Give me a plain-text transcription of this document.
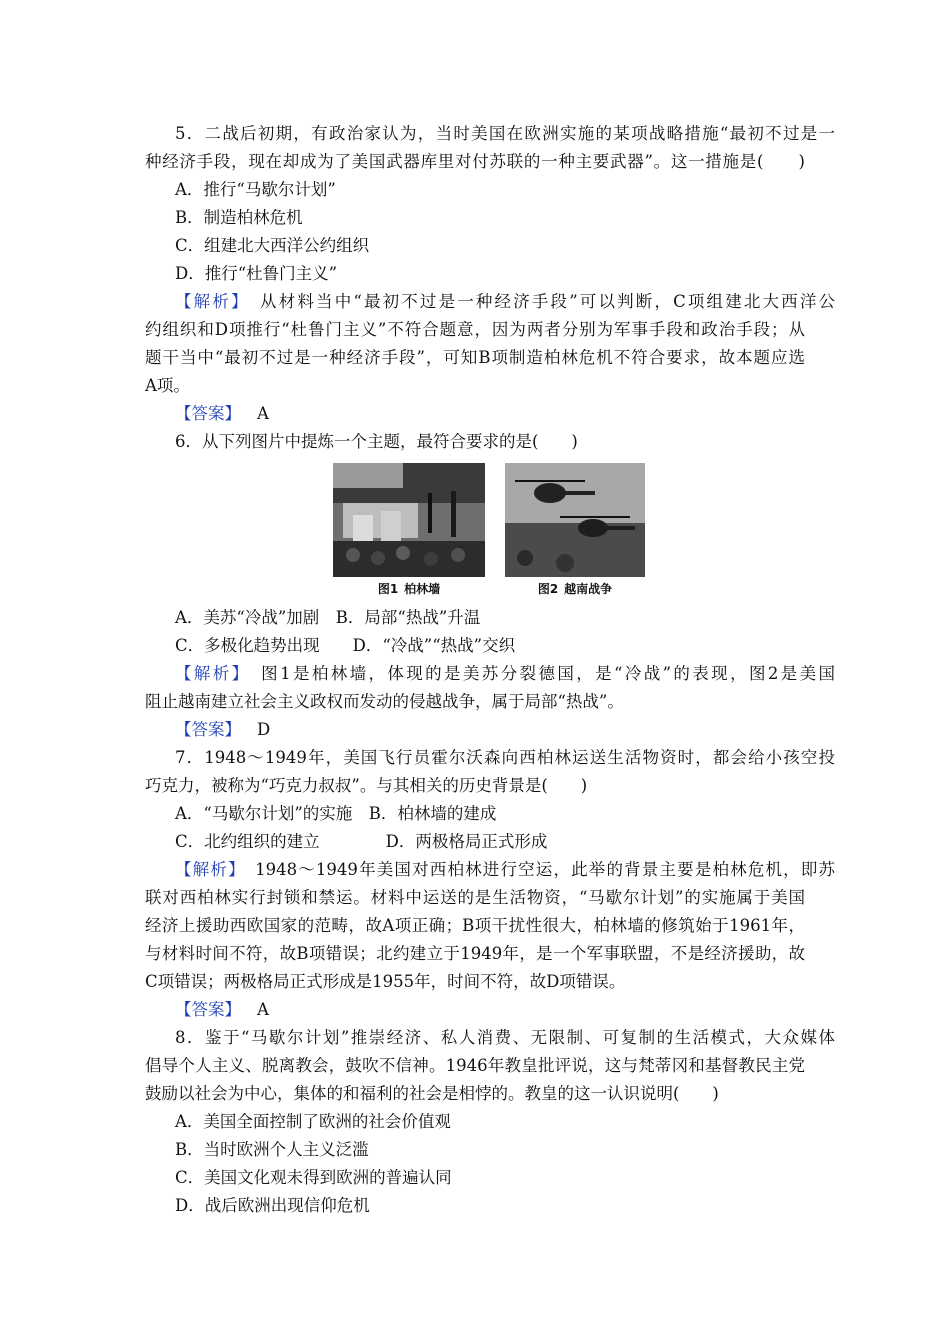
5．二战后初期，有政治家认为，当时美国在欧洲实施的某项战略措施“最初不过是一
种经济手段，现在却成为了美国武器库里对付苏联的一种主要武器”。这一措施是(　　)
A．推行“马歇尔计划”
B．制造柏林危机
C．组建北大西洋公约组织
D．推行“杜鲁门主义”
【解析】　从材料当中“最初不过是一种经济手段”可以判断，C项组建北大西洋公
约组织和D项推行“杜鲁门主义”不符合题意，因为两者分别为军事手段和政治手段；从
题干当中“最初不过是一种经济手段”，可知B项制造柏林危机不符合要求，故本题应选
A项。
【答案】 A
6．从下列图片中提炼一个主题，最符合要求的是(　　)
图1 柏林墙	图2 越南战争
A．美苏“冷战”加剧　B．局部“热战”升温
C．多极化趋势出现　　D．“冷战”“热战”交织
【解析】　图1是柏林墙，体现的是美苏分裂德国，是“冷战”的表现，图2是美国
阻止越南建立社会主义政权而发动的侵越战争，属于局部“热战”。
【答案】 D
7．1948～1949年，美国飞行员霍尔沃森向西柏林运送生活物资时，都会给小孩空投
巧克力，被称为“巧克力叔叔”。与其相关的历史背景是(　　)
A．“马歇尔计划”的实施　B．柏林墙的建成
C．北约组织的建立　　　　D．两极格局正式形成
【解析】　1948～1949年美国对西柏林进行空运，此举的背景主要是柏林危机，即苏
联对西柏林实行封锁和禁运。材料中运送的是生活物资，“马歇尔计划”的实施属于美国
经济上援助西欧国家的范畴，故A项正确；B项干扰性很大，柏林墙的修筑始于1961年，
与材料时间不符，故B项错误；北约建立于1949年，是一个军事联盟，不是经济援助，故
C项错误；两极格局正式形成是1955年，时间不符，故D项错误。
【答案】 A
8．鉴于“马歇尔计划”推崇经济、私人消费、无限制、可复制的生活模式，大众媒体
倡导个人主义、脱离教会，鼓吹不信神。1946年教皇批评说，这与梵蒂冈和基督教民主党
鼓励以社会为中心，集体的和福利的社会是相悖的。教皇的这一认识说明(　　)
A．美国全面控制了欧洲的社会价值观
B．当时欧洲个人主义泛滥
C．美国文化观未得到欧洲的普遍认同
D．战后欧洲出现信仰危机
